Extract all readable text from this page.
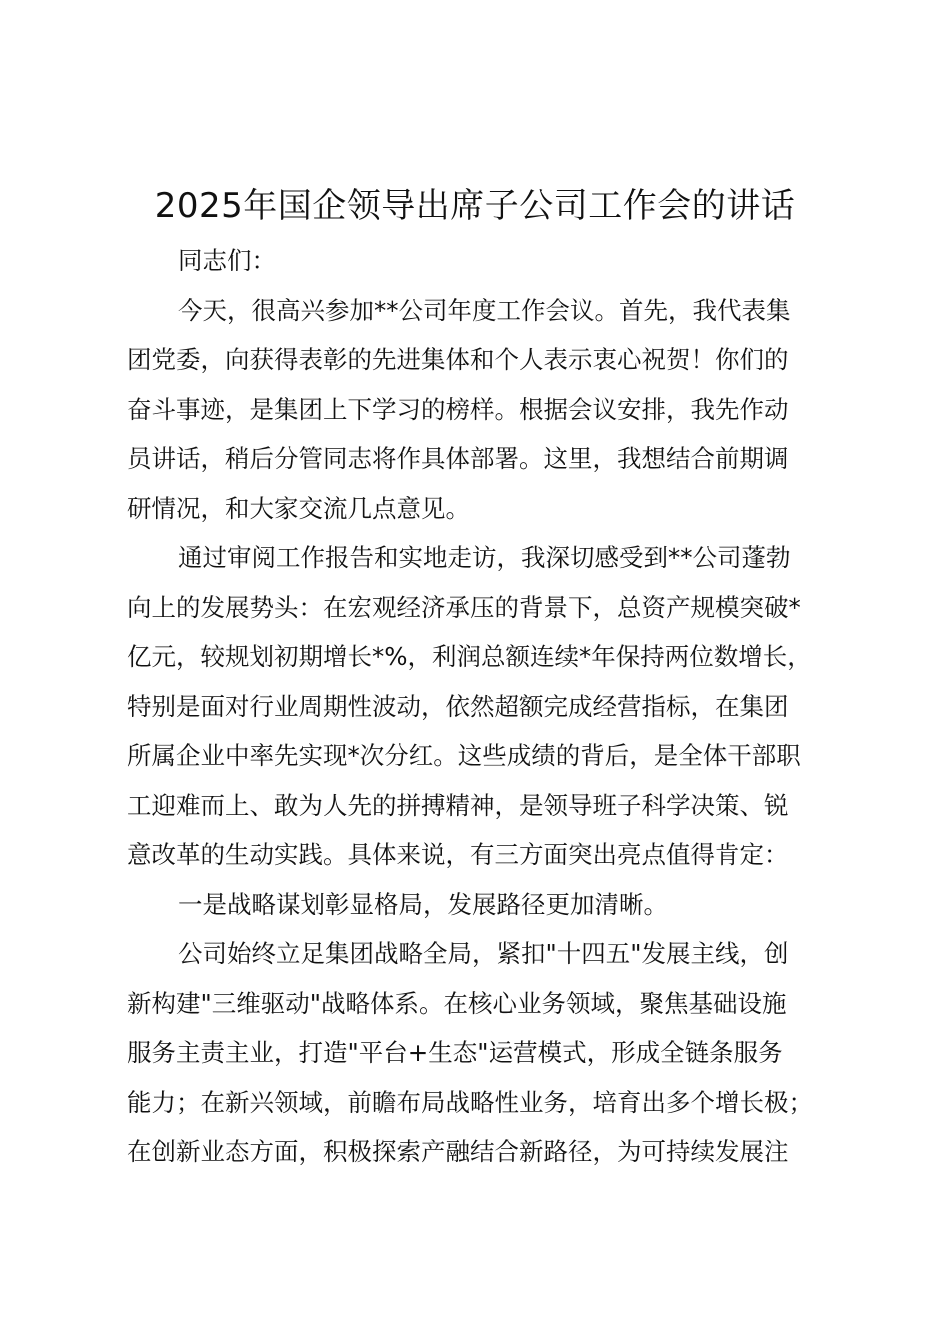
2025年国企领导出席子公司工作会的讲话
同志们：
今天，很高兴参加**公司年度工作会议。首先，我代表集
团党委，向获得表彰的先进集体和个人表示衷心祝贺！你们的
奋斗事迹，是集团上下学习的榜样。根据会议安排，我先作动
员讲话，稍后分管同志将作具体部署。这里，我想结合前期调
研情况，和大家交流几点意见。
通过审阅工作报告和实地走访，我深切感受到**公司蓬勃
向上的发展势头：在宏观经济承压的背景下，总资产规模突破*
亿元，较规划初期增长*%，利润总额连续*年保持两位数增长，
特别是面对行业周期性波动，依然超额完成经营指标，在集团
所属企业中率先实现*次分红。这些成绩的背后，是全体干部职
工迎难而上、敢为人先的拼搏精神，是领导班子科学决策、锐
意改革的生动实践。具体来说，有三方面突出亮点值得肯定：
一是战略谋划彰显格局，发展路径更加清晰。
公司始终立足集团战略全局，紧扣"十四五"发展主线，创
新构建"三维驱动"战略体系。在核心业务领域，聚焦基础设施
服务主责主业，打造"平台+生态"运营模式，形成全链条服务
能力；在新兴领域，前瞻布局战略性业务，培育出多个增长极；
在创新业态方面，积极探索产融结合新路径，为可持续发展注
